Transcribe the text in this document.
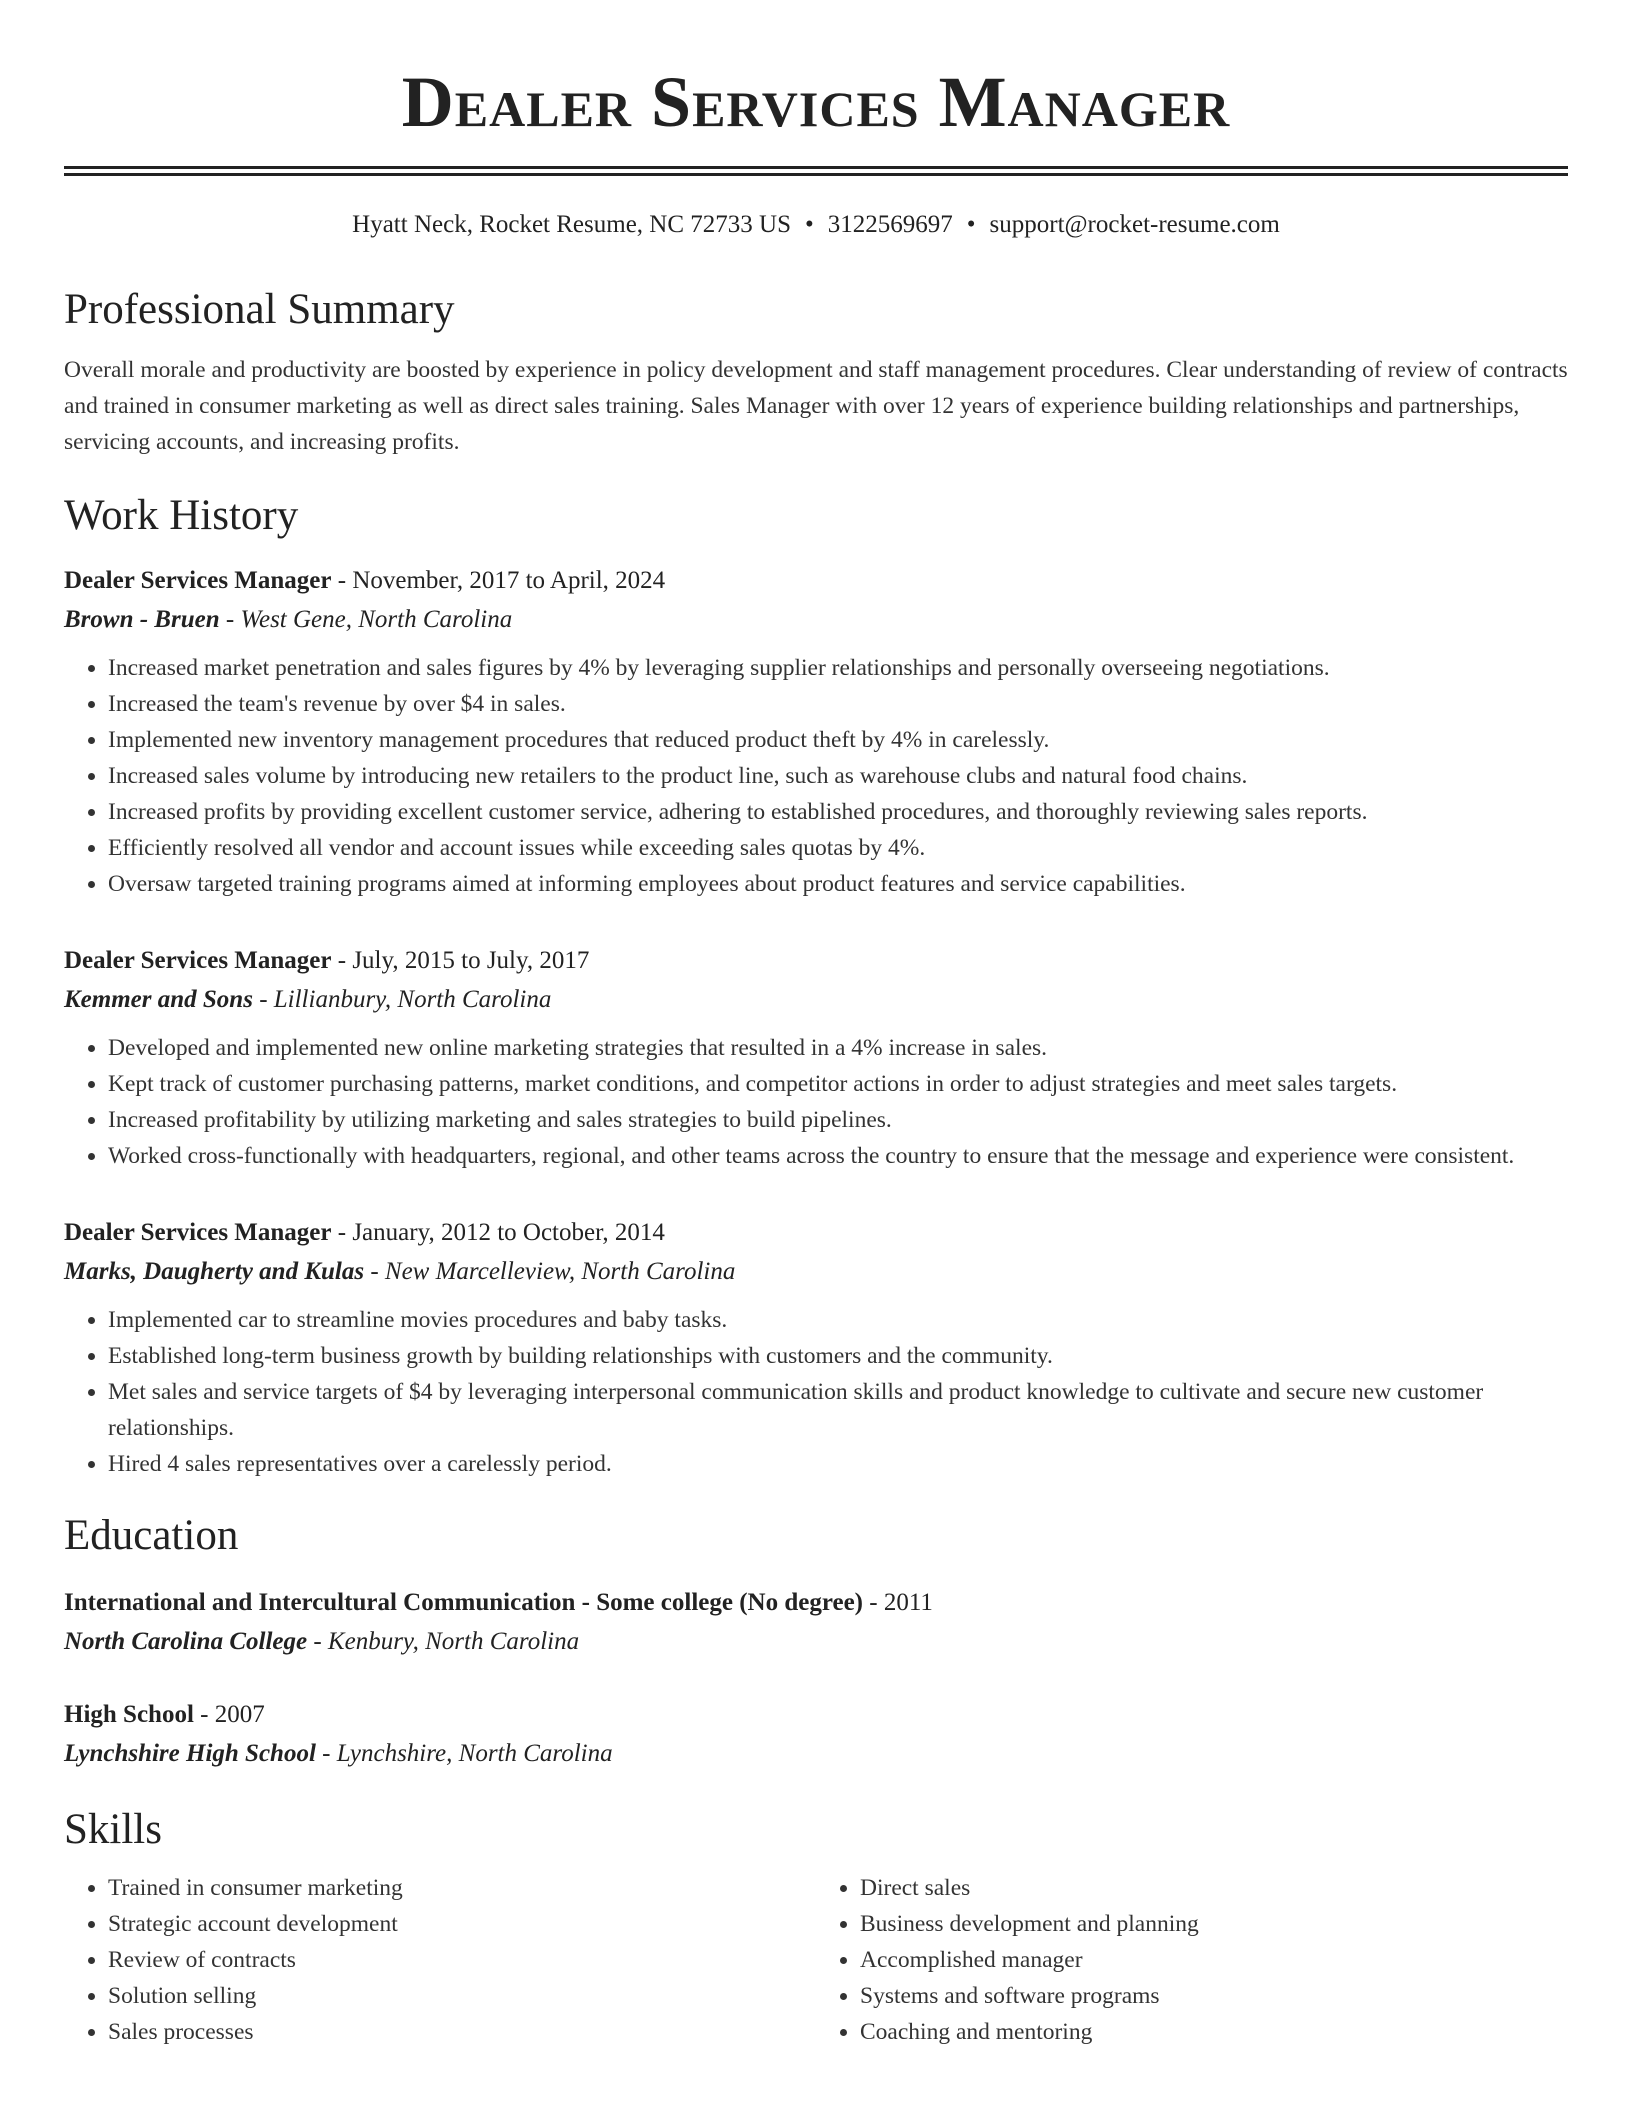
Dealer Services Manager
Hyatt Neck, Rocket Resume, NC 72733 US • 3122569697 • support@rocket-resume.com
Professional Summary

Overall morale and productivity are boosted by experience in policy development and staff management procedures. Clear understanding of review of contracts and trained in consumer marketing as well as direct sales training. Sales Manager with over 12 years of experience building relationships and partnerships, servicing accounts, and increasing profits.

Work History
Dealer Services Manager - November, 2017 to April, 2024
Brown - Bruen - West Gene, North Carolina
• Increased market penetration and sales figures by 4% by leveraging supplier relationships and personally overseeing negotiations.
• Increased the team's revenue by over $4 in sales.
• Implemented new inventory management procedures that reduced product theft by 4% in carelessly.
• Increased sales volume by introducing new retailers to the product line, such as warehouse clubs and natural food chains.
• Increased profits by providing excellent customer service, adhering to established procedures, and thoroughly reviewing sales reports.
• Efficiently resolved all vendor and account issues while exceeding sales quotas by 4%.
• Oversaw targeted training programs aimed at informing employees about product features and service capabilities.
Dealer Services Manager - July, 2015 to July, 2017
Kemmer and Sons - Lillianbury, North Carolina
• Developed and implemented new online marketing strategies that resulted in a 4% increase in sales.
• Kept track of customer purchasing patterns, market conditions, and competitor actions in order to adjust strategies and meet sales targets.
• Increased profitability by utilizing marketing and sales strategies to build pipelines.
• Worked cross-functionally with headquarters, regional, and other teams across the country to ensure that the message and experience were consistent.
Dealer Services Manager - January, 2012 to October, 2014
Marks, Daugherty and Kulas - New Marcelleview, North Carolina
• Implemented car to streamline movies procedures and baby tasks.
• Established long-term business growth by building relationships with customers and the community.
• Met sales and service targets of $4 by leveraging interpersonal communication skills and product knowledge to cultivate and secure new customer relationships.
• Hired 4 sales representatives over a carelessly period.
Education
International and Intercultural Communication - Some college (No degree) - 2011
North Carolina College - Kenbury, North Carolina
High School - 2007
Lynchshire High School - Lynchshire, North Carolina
Skills
• Trained in consumer marketing
• Strategic account development
• Review of contracts
• Solution selling
• Sales processes
• Direct sales
• Business development and planning
• Accomplished manager
• Systems and software programs
• Coaching and mentoring
